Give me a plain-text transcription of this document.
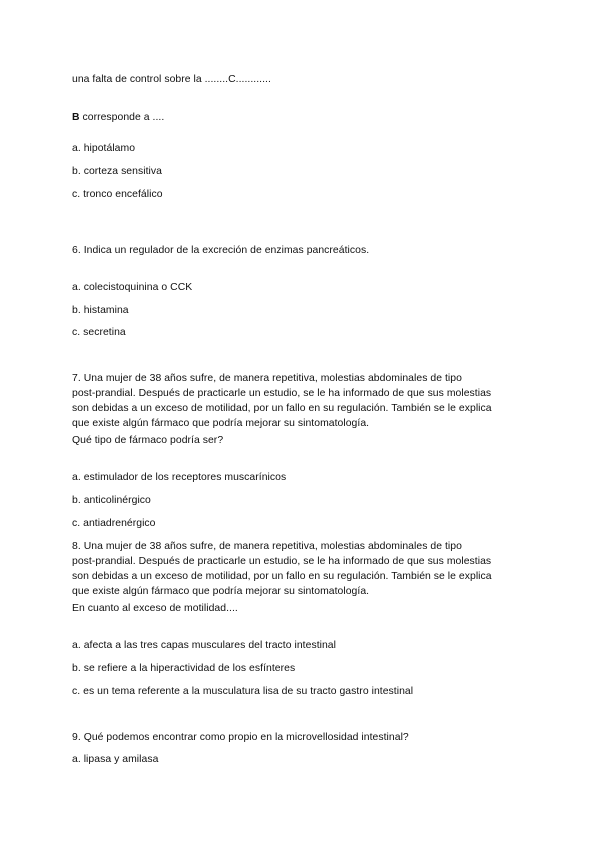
una falta de control sobre la ........C............
B corresponde a ....
a. hipotálamo
b. corteza sensitiva
c. tronco encefálico
6. Indica un regulador de la excreción de enzimas pancreáticos.
a. colecistoquinina o CCK
b. histamina
c. secretina
7. Una mujer de 38 años sufre, de manera repetitiva, molestias abdominales de tipo
post-prandial. Después de practicarle un estudio, se le ha informado de que sus molestias
son debidas a un exceso de motilidad, por un fallo en su regulación. También se le explica
que existe algún fármaco que podría mejorar su sintomatología.
Qué tipo de fármaco podría ser?
a. estimulador de los receptores muscarínicos
b. anticolinérgico
c. antiadrenérgico
8. Una mujer de 38 años sufre, de manera repetitiva, molestias abdominales de tipo
post-prandial. Después de practicarle un estudio, se le ha informado de que sus molestias
son debidas a un exceso de motilidad, por un fallo en su regulación. También se le explica
que existe algún fármaco que podría mejorar su sintomatología.
En cuanto al exceso de motilidad....
a. afecta a las tres capas musculares del tracto intestinal
b. se refiere a la hiperactividad de los esfínteres
c. es un tema referente a la musculatura lisa de su tracto gastro intestinal
9. Qué podemos encontrar como propio en la microvellosidad intestinal?
a. lipasa y amilasa
